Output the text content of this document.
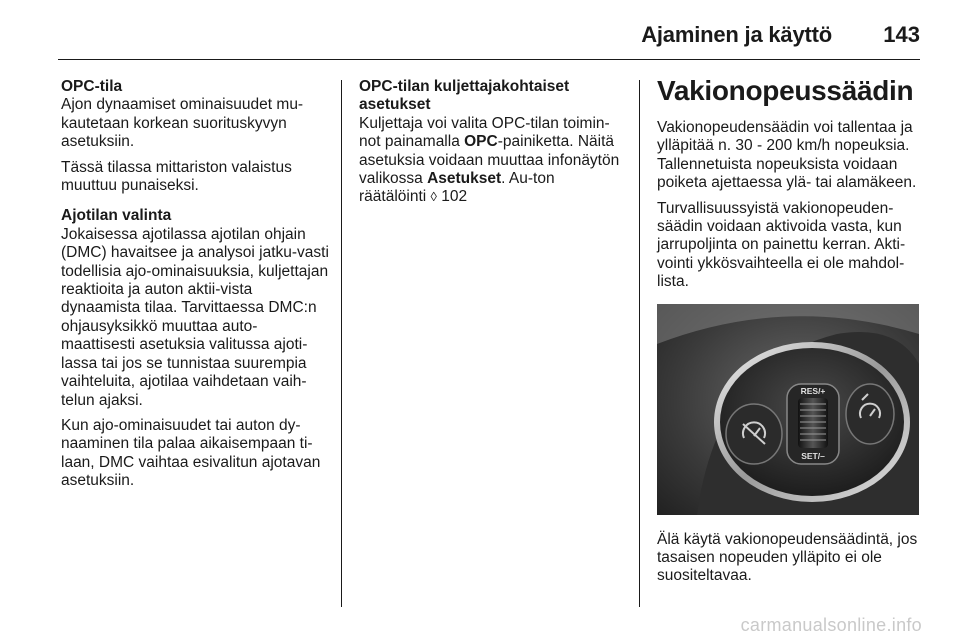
Ajaminen ja käyttö 143

OPC-tila

Ajon dynaamiset ominaisuudet mu-kautetaan korkean suorituskyvyn asetuksiin.

Tässä tilassa mittariston valaistus muuttuu punaiseksi.

Ajotilan valinta

Jokaisessa ajotilassa ajotilan ohjain (DMC) havaitsee ja analysoi jatku-vasti todellisia ajo-ominaisuuksia, kuljettajan reaktioita ja auton aktii-vista dynaamista tilaa. Tarvittaessa DMC:n ohjausyksikkö muuttaa auto-maattisesti asetuksia valitussa ajoti-lassa tai jos se tunnistaa suurempia vaihteluita, ajotilaa vaihdetaan vaih-telun ajaksi.

Kun ajo-ominaisuudet tai auton dy-naaminen tila palaa aikaisempaan ti-laan, DMC vaihtaa esivalitun ajotavan asetuksiin.

OPC-tilan kuljettajakohtaiset asetukset

Kuljettaja voi valita OPC-tilan toimin-not painamalla OPC-painiketta. Näitä asetuksia voidaan muuttaa infonäytön valikossa Asetukset. Au-ton räätälöinti ◊ 102

Vakionopeussäädin

Vakionopeudensäädin voi tallentaa ja ylläpitää n. 30 - 200 km/h nopeuksia. Tallennetuista nopeuksista voidaan poiketa ajettaessa ylä- tai alamäkeen.

Turvallisuussyistä vakionopeuden-säädin voidaan aktivoida vasta, kun jarrupoljinta on painettu kerran. Akti-vointi ykkösvaihteella ei ole mahdol-lista.

RES/+
SET/–

Älä käytä vakionopeudensäädintä, jos tasaisen nopeuden ylläpito ei ole suositeltavaa.

carmanualsonline.info
